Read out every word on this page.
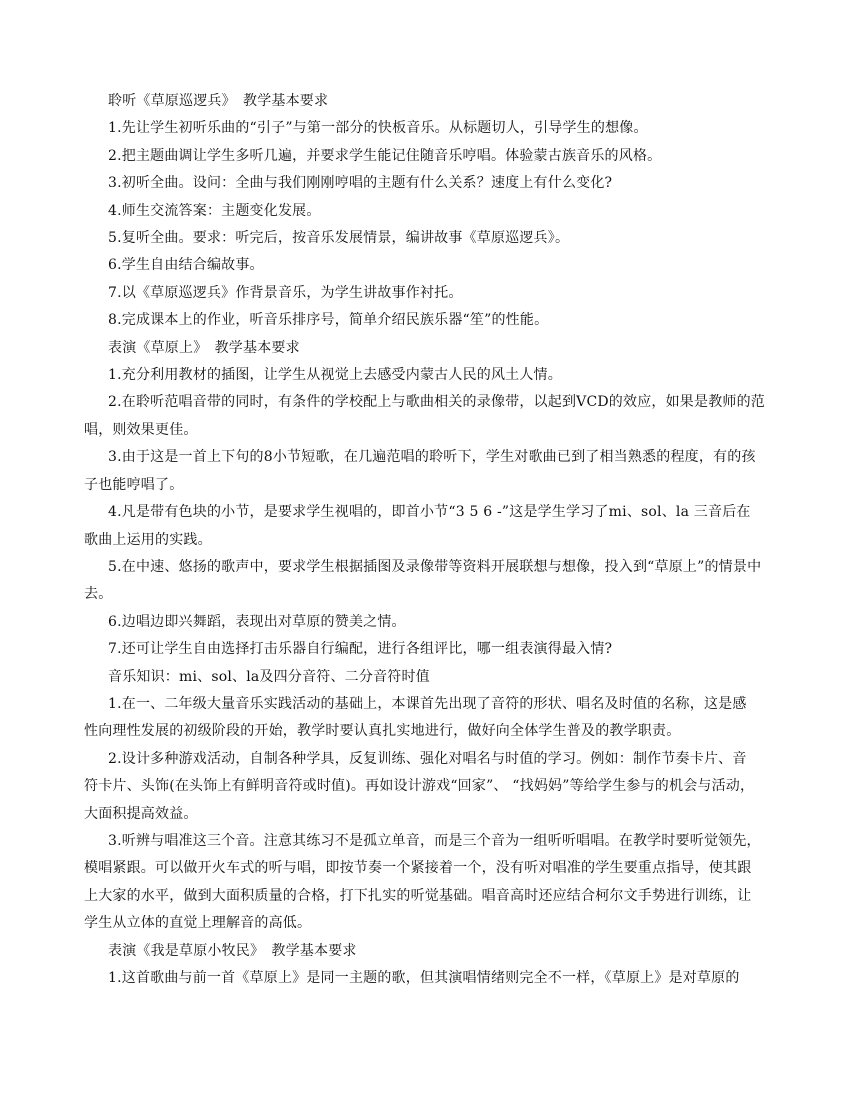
聆听《草原巡逻兵》　教学基本要求
1.先让学生初听乐曲的“引子”与第一部分的快板音乐。从标题切人，引导学生的想像。
2.把主题曲调让学生多听几遍，并要求学生能记住随音乐哼唱。体验蒙古族音乐的风格。
3.初听全曲。设问：全曲与我们刚刚哼唱的主题有什么关系？速度上有什么变化?
4.师生交流答案：主题变化发展。
5.复听全曲。要求：听完后，按音乐发展情景，编讲故事《草原巡逻兵》。
6.学生自由结合编故事。
7.以《草原巡逻兵》作背景音乐，为学生讲故事作衬托。
8.完成课本上的作业，听音乐排序号，简单介绍民族乐器“笙”的性能。
表演《草原上》　教学基本要求
1.充分利用教材的插图，让学生从视觉上去感受内蒙古人民的风土人情。
2.在聆听范唱音带的同时，有条件的学校配上与歌曲相关的录像带，以起到VCD的效应，如果是教师的范
唱，则效果更佳。
3.由于这是一首上下句的8小节短歌，在几遍范唱的聆听下，学生对歌曲已到了相当熟悉的程度，有的孩
子也能哼唱了。
4.凡是带有色块的小节，是要求学生视唱的，即首小节“3 5 6 -”这是学生学习了mi、sol、la 三音后在
歌曲上运用的实践。
5.在中速、悠扬的歌声中，要求学生根据插图及录像带等资料开展联想与想像，投入到“草原上”的情景中
去。
6.边唱边即兴舞蹈，表现出对草原的赞美之情。
7.还可让学生自由选择打击乐器自行编配，进行各组评比，哪一组表演得最入情?
音乐知识：mi、sol、la及四分音符、二分音符时值
1.在一、二年级大量音乐实践活动的基础上，本课首先出现了音符的形状、唱名及时值的名称，这是感
性向理性发展的初级阶段的开始，教学时要认真扎实地进行，做好向全体学生普及的教学职责。
2.设计多种游戏活动，自制各种学具，反复训练、强化对唱名与时值的学习。例如：制作节奏卡片、音
符卡片、头饰(在头饰上有鲜明音符或时值)。再如设计游戏“回家”、 “找妈妈”等给学生参与的机会与活动，
大面积提高效益。
3.听辨与唱准这三个音。注意其练习不是孤立单音，而是三个音为一组听听唱唱。在教学时要听觉领先，
模唱紧跟。可以做开火车式的听与唱，即按节奏一个紧接着一个，没有听对唱准的学生要重点指导，使其跟
上大家的水平，做到大面积质量的合格，打下扎实的听觉基础。唱音高时还应结合柯尔文手势进行训练，让
学生从立体的直觉上理解音的高低。
表演《我是草原小牧民》　教学基本要求
1.这首歌曲与前一首《草原上》是同一主题的歌，但其演唱情绪则完全不一样，《草原上》是对草原的
